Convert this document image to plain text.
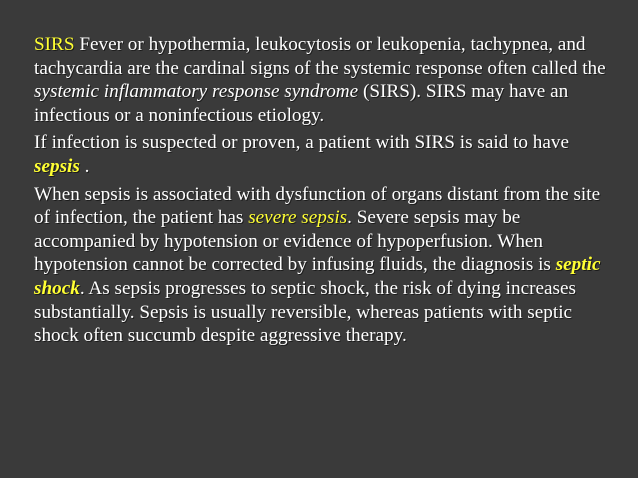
SIRS Fever or hypothermia, leukocytosis or leukopenia, tachypnea, and tachycardia are the cardinal signs of the systemic response often called the systemic inflammatory response syndrome (SIRS). SIRS may have an infectious or a noninfectious etiology.

If infection is suspected or proven, a patient with SIRS is said to have sepsis .

When sepsis is associated with dysfunction of organs distant from the site of infection, the patient has severe sepsis. Severe sepsis may be accompanied by hypotension or evidence of hypoperfusion. When hypotension cannot be corrected by infusing fluids, the diagnosis is septic shock. As sepsis progresses to septic shock, the risk of dying increases substantially. Sepsis is usually reversible, whereas patients with septic shock often succumb despite aggressive therapy.
